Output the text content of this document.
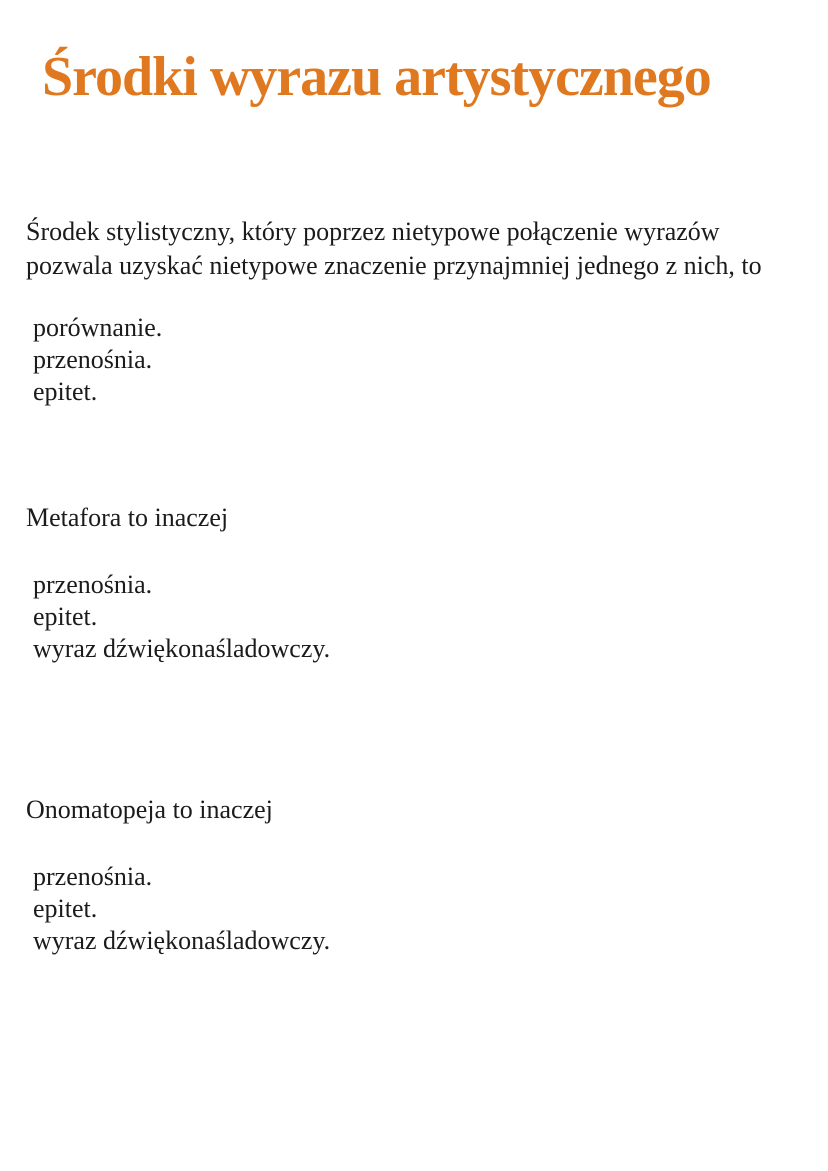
Środki wyrazu artystycznego

Środek stylistyczny, który poprzez nietypowe połączenie wyrazów pozwala uzyskać nietypowe znaczenie przynajmniej jednego z nich, to

porównanie.
przenośnia.
epitet.

Metafora to inaczej

przenośnia.
epitet.
wyraz dźwiękonaśladowczy.

Onomatopeja to inaczej

przenośnia.
epitet.
wyraz dźwiękonaśladowczy.
